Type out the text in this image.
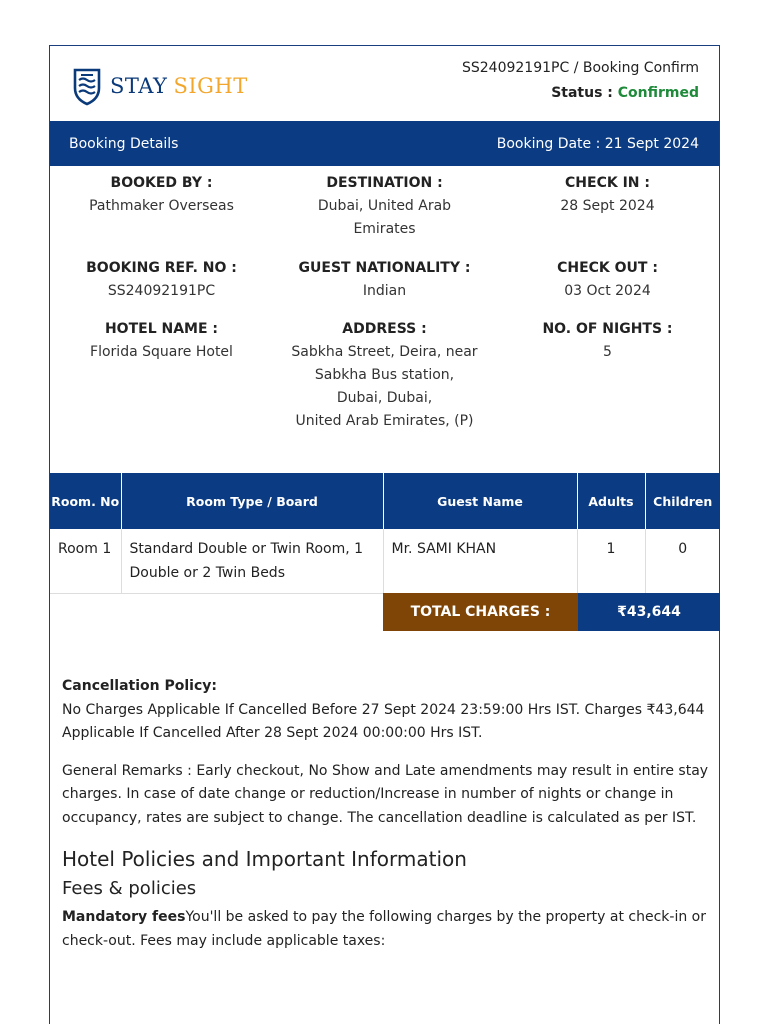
STAY SIGHT
SS24092191PC / Booking Confirm
Status : Confirmed
Booking Details	Booking Date : 21 Sept 2024
BOOKED BY :
Pathmaker Overseas
DESTINATION :
Dubai, United Arab Emirates
CHECK IN :
28 Sept 2024
BOOKING REF. NO :
SS24092191PC
GUEST NATIONALITY :
Indian
CHECK OUT :
03 Oct 2024
HOTEL NAME :
Florida Square Hotel
ADDRESS :
Sabkha Street, Deira, near Sabkha Bus station, Dubai, Dubai,
United Arab Emirates, (P)
NO. OF NIGHTS :
5
Room. No	Room Type / Board	Guest Name	Adults	Children
Room 1	Standard Double or Twin Room, 1 Double or 2 Twin Beds	Mr. SAMI KHAN	1	0
TOTAL CHARGES :	₹43,644

Cancellation Policy:
No Charges Applicable If Cancelled Before 27 Sept 2024 23:59:00 Hrs IST. Charges ₹43,644 Applicable If Cancelled After 28 Sept 2024 00:00:00 Hrs IST.

General Remarks : Early checkout, No Show and Late amendments may result in entire stay charges. In case of date change or reduction/Increase in number of nights or change in occupancy, rates are subject to change. The cancellation deadline is calculated as per IST.

Hotel Policies and Important Information
Fees & policies
Mandatory feesYou'll be asked to pay the following charges by the property at check-in or check-out. Fees may include applicable taxes:
